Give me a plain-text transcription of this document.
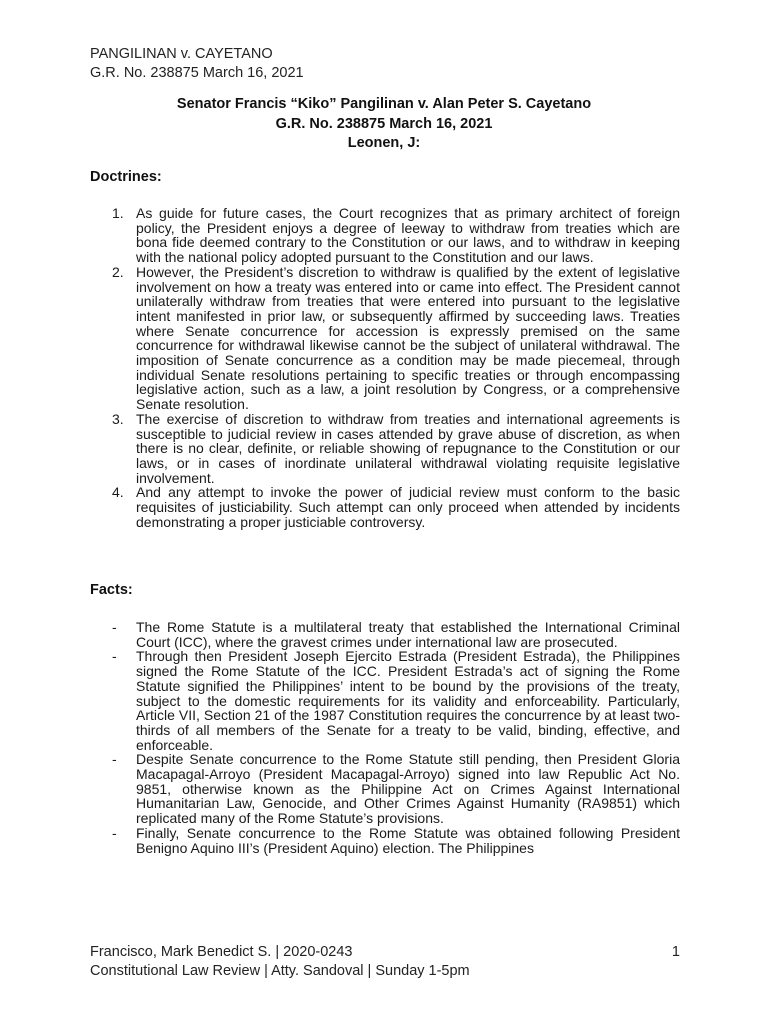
PANGILINAN v. CAYETANO
G.R. No. 238875 March 16, 2021
Senator Francis “Kiko” Pangilinan v. Alan Peter S. Cayetano
G.R. No. 238875 March 16, 2021
Leonen, J:
Doctrines:
1. As guide for future cases, the Court recognizes that as primary architect of foreign policy, the President enjoys a degree of leeway to withdraw from treaties which are bona fide deemed contrary to the Constitution or our laws, and to withdraw in keeping with the national policy adopted pursuant to the Constitution and our laws.
2. However, the President’s discretion to withdraw is qualified by the extent of legislative involvement on how a treaty was entered into or came into effect. The President cannot unilaterally withdraw from treaties that were entered into pursuant to the legislative intent manifested in prior law, or subsequently affirmed by succeeding laws. Treaties where Senate concurrence for accession is expressly premised on the same concurrence for withdrawal likewise cannot be the subject of unilateral withdrawal. The imposition of Senate concurrence as a condition may be made piecemeal, through individual Senate resolutions pertaining to specific treaties or through encompassing legislative action, such as a law, a joint resolution by Congress, or a comprehensive Senate resolution.
3. The exercise of discretion to withdraw from treaties and international agreements is susceptible to judicial review in cases attended by grave abuse of discretion, as when there is no clear, definite, or reliable showing of repugnance to the Constitution or our laws, or in cases of inordinate unilateral withdrawal violating requisite legislative involvement.
4. And any attempt to invoke the power of judicial review must conform to the basic requisites of justiciability. Such attempt can only proceed when attended by incidents demonstrating a proper justiciable controversy.
Facts:
- The Rome Statute is a multilateral treaty that established the International Criminal Court (ICC), where the gravest crimes under international law are prosecuted.
- Through then President Joseph Ejercito Estrada (President Estrada), the Philippines signed the Rome Statute of the ICC. President Estrada’s act of signing the Rome Statute signified the Philippines’ intent to be bound by the provisions of the treaty, subject to the domestic requirements for its validity and enforceability. Particularly, Article VII, Section 21 of the 1987 Constitution requires the concurrence by at least two-thirds of all members of the Senate for a treaty to be valid, binding, effective, and enforceable.
- Despite Senate concurrence to the Rome Statute still pending, then President Gloria Macapagal-Arroyo (President Macapagal-Arroyo) signed into law Republic Act No. 9851, otherwise known as the Philippine Act on Crimes Against International Humanitarian Law, Genocide, and Other Crimes Against Humanity (RA9851) which replicated many of the Rome Statute’s provisions.
- Finally, Senate concurrence to the Rome Statute was obtained following President Benigno Aquino III’s (President Aquino) election. The Philippines
Francisco, Mark Benedict S. | 2020-0243
Constitutional Law Review | Atty. Sandoval | Sunday 1-5pm
1
